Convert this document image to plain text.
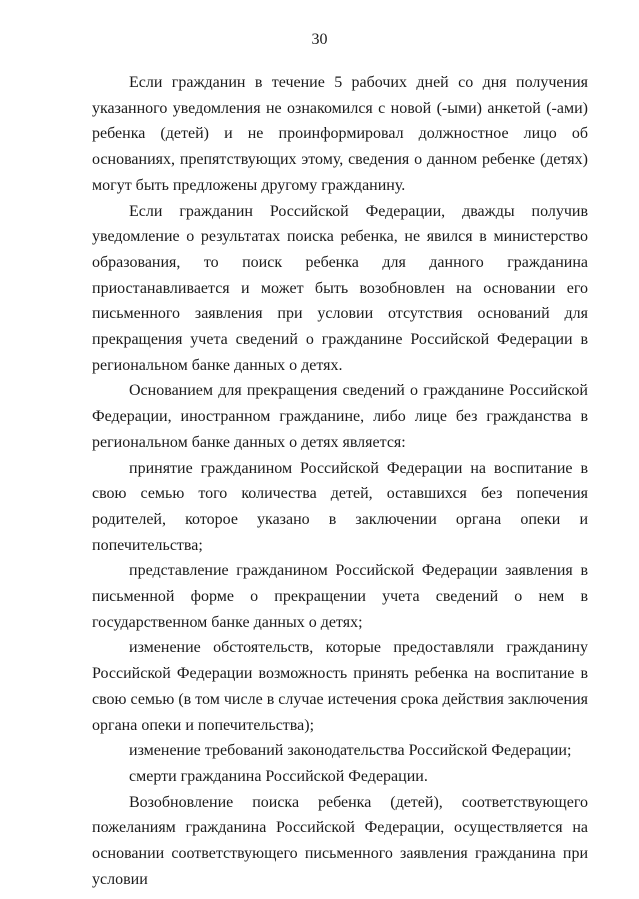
30

Если гражданин в течение 5 рабочих дней со дня получения указанного уведомления не ознакомился с новой (-ыми) анкетой (-ами) ребенка (детей) и не проинформировал должностное лицо об основаниях, препятствующих этому, сведения о данном ребенке (детях) могут быть предложены другому гражданину.

Если гражданин Российской Федерации, дважды получив уведомление о результатах поиска ребенка, не явился в министерство образования, то поиск ребенка для данного гражданина приостанавливается и может быть возобновлен на основании его письменного заявления при условии отсутствия оснований для прекращения учета сведений о гражданине Российской Федерации в региональном банке данных о детях.

Основанием для прекращения сведений о гражданине Российской Федерации, иностранном гражданине, либо лице без гражданства в региональном банке данных о детях является:

принятие гражданином Российской Федерации на воспитание в свою семью того количества детей, оставшихся без попечения родителей, которое указано в заключении органа опеки и попечительства;

представление гражданином Российской Федерации заявления в письменной форме о прекращении учета сведений о нем в государственном банке данных о детях;

изменение обстоятельств, которые предоставляли гражданину Российской Федерации возможность принять ребенка на воспитание в свою семью (в том числе в случае истечения срока действия заключения органа опеки и попечительства);

изменение требований законодательства Российской Федерации;

смерти гражданина Российской Федерации.

Возобновление поиска ребенка (детей), соответствующего пожеланиям гражданина Российской Федерации, осуществляется на основании соответствующего письменного заявления гражданина при условии
